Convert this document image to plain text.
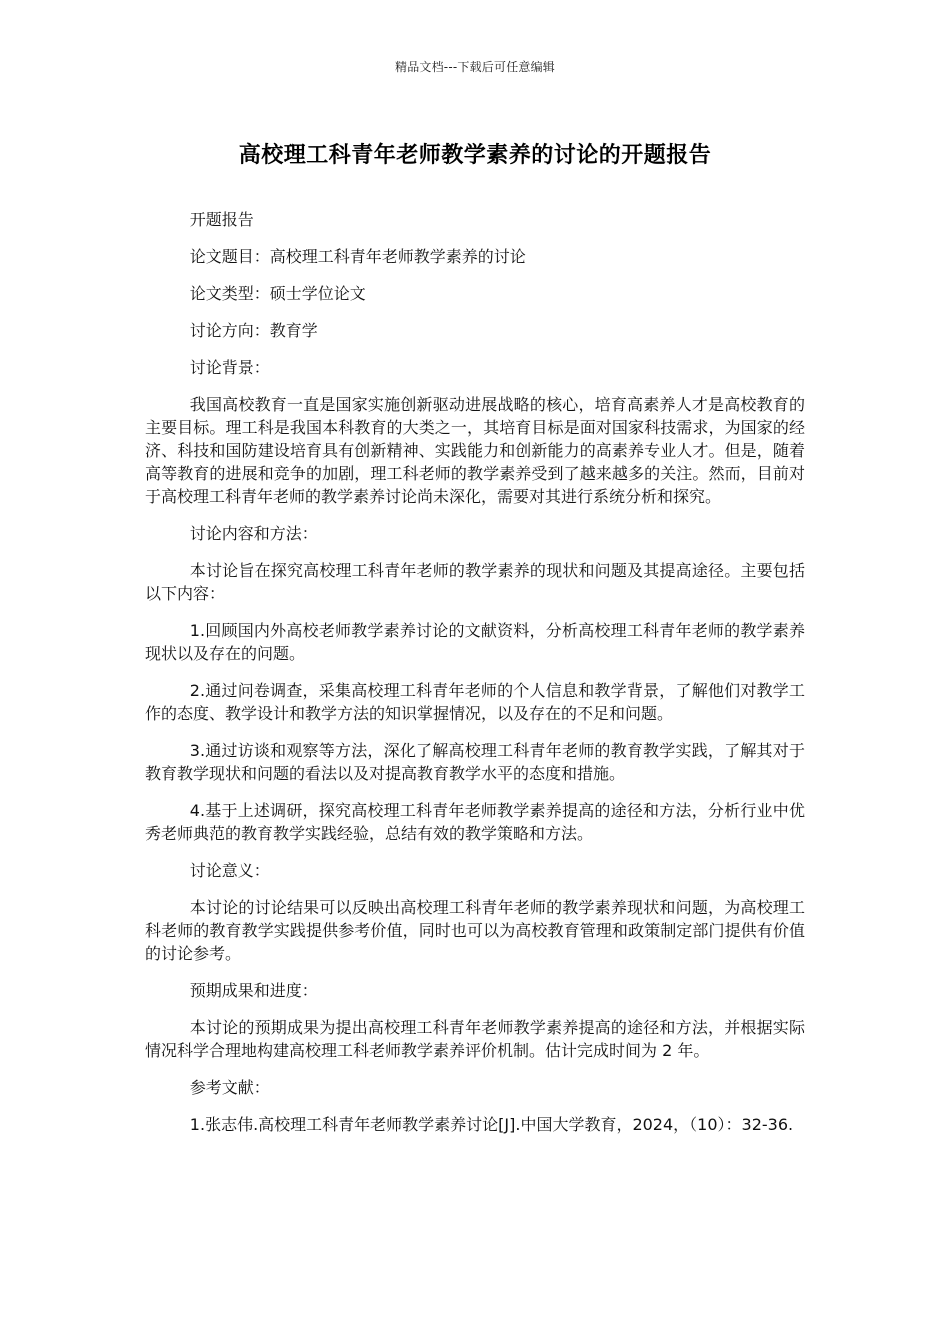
精品文档---下载后可任意编辑
高校理工科青年老师教学素养的讨论的开题报告

开题报告

论文题目：高校理工科青年老师教学素养的讨论

论文类型：硕士学位论文

讨论方向：教育学

讨论背景：

我国高校教育一直是国家实施创新驱动进展战略的核心，培育高素养人才是高校教育的主要目标。理工科是我国本科教育的大类之一，其培育目标是面对国家科技需求，为国家的经济、科技和国防建设培育具有创新精神、实践能力和创新能力的高素养专业人才。但是，随着高等教育的进展和竞争的加剧，理工科老师的教学素养受到了越来越多的关注。然而，目前对于高校理工科青年老师的教学素养讨论尚未深化，需要对其进行系统分析和探究。

讨论内容和方法：

本讨论旨在探究高校理工科青年老师的教学素养的现状和问题及其提高途径。主要包括以下内容：

1.回顾国内外高校老师教学素养讨论的文献资料，分析高校理工科青年老师的教学素养现状以及存在的问题。

2.通过问卷调查，采集高校理工科青年老师的个人信息和教学背景，了解他们对教学工作的态度、教学设计和教学方法的知识掌握情况，以及存在的不足和问题。

3.通过访谈和观察等方法，深化了解高校理工科青年老师的教育教学实践，了解其对于教育教学现状和问题的看法以及对提高教育教学水平的态度和措施。

4.基于上述调研，探究高校理工科青年老师教学素养提高的途径和方法，分析行业中优秀老师典范的教育教学实践经验，总结有效的教学策略和方法。

讨论意义：

本讨论的讨论结果可以反映出高校理工科青年老师的教学素养现状和问题，为高校理工科老师的教育教学实践提供参考价值，同时也可以为高校教育管理和政策制定部门提供有价值的讨论参考。

预期成果和进度：

本讨论的预期成果为提出高校理工科青年老师教学素养提高的途径和方法，并根据实际情况科学合理地构建高校理工科老师教学素养评价机制。估计完成时间为 2 年。

参考文献：

1.张志伟.高校理工科青年老师教学素养讨论[J].中国大学教育，2024，（10）：32-36.
